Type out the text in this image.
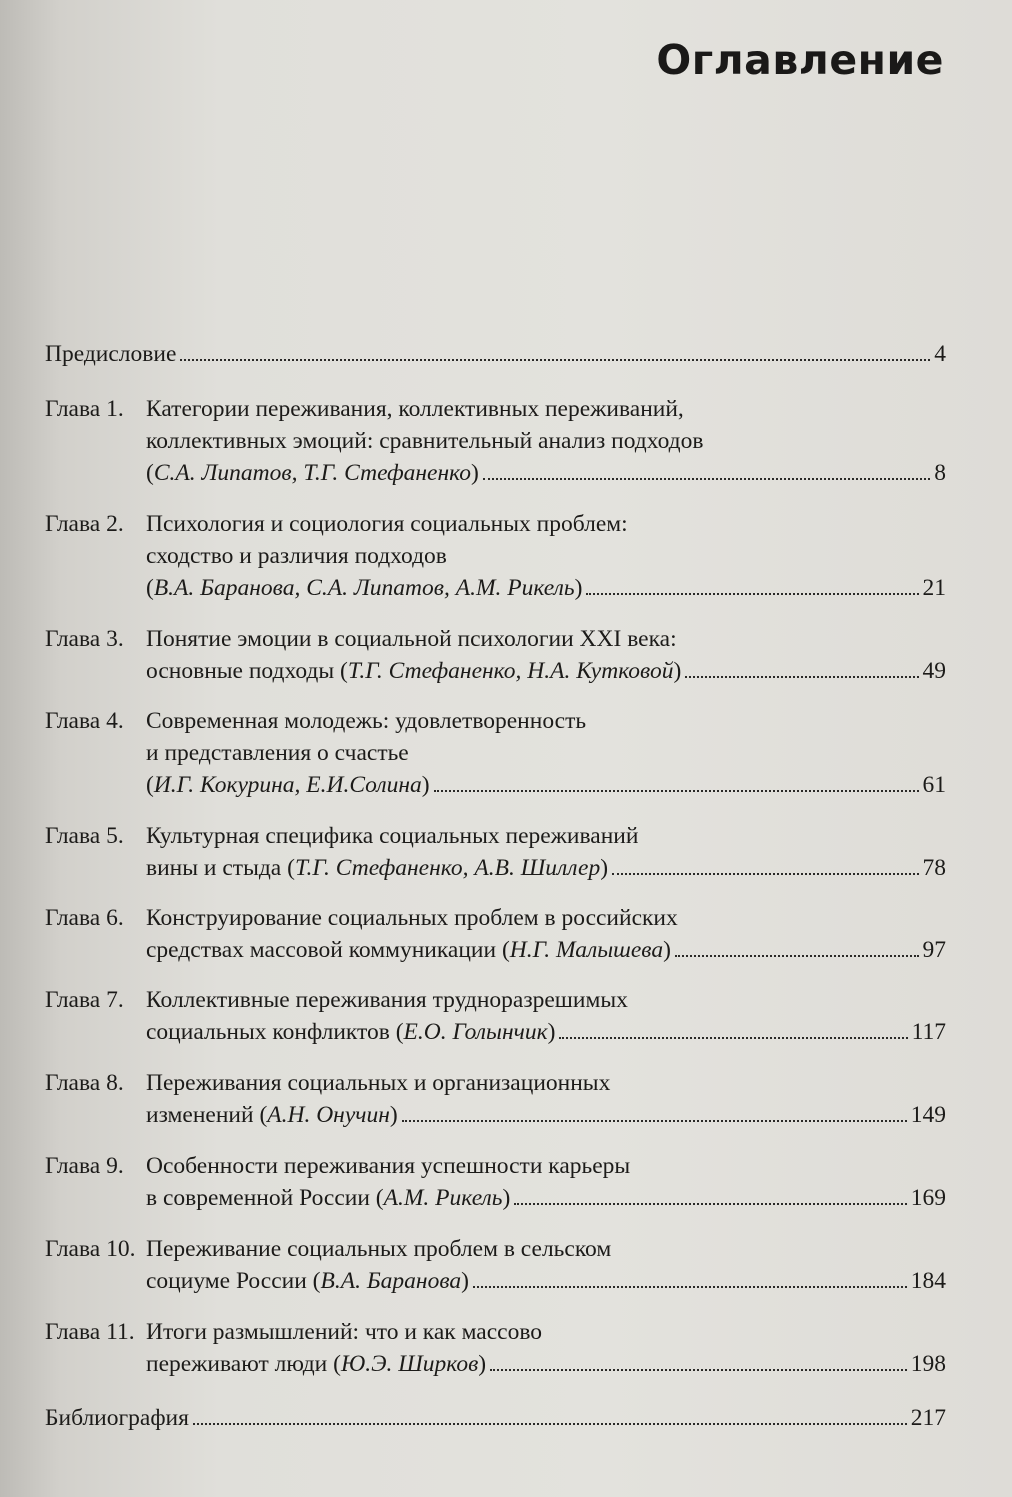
Оглавление
Предисловие	4
Глава 1. Категории переживания, коллективных переживаний,
коллективных эмоций: сравнительный анализ подходов
(С.А. Липатов, Т.Г. Стефаненко)	8
Глава 2. Психология и социология социальных проблем:
сходство и различия подходов
(В.А. Баранова, С.А. Липатов, А.М. Рикель)	21
Глава 3. Понятие эмоции в социальной психологии XXI века:
основные подходы (Т.Г. Стефаненко, Н.А. Кутковой)	49
Глава 4. Современная молодежь: удовлетворенность
и представления о счастье
(И.Г. Кокурина, Е.И.Солина)	61
Глава 5. Культурная специфика социальных переживаний
вины и стыда (Т.Г. Стефаненко, А.В. Шиллер)	78
Глава 6. Конструирование социальных проблем в российских
средствах массовой коммуникации (Н.Г. Малышева)	97
Глава 7. Коллективные переживания трудноразрешимых
социальных конфликтов (Е.О. Голынчик)	117
Глава 8. Переживания социальных и организационных
изменений (А.Н. Онучин)	149
Глава 9. Особенности переживания успешности карьеры
в современной России (А.М. Рикель)	169
Глава 10. Переживание социальных проблем в сельском
социуме России (В.А. Баранова)	184
Глава 11. Итоги размышлений: что и как массово
переживают люди (Ю.Э. Ширков)	198
Библиография	217
